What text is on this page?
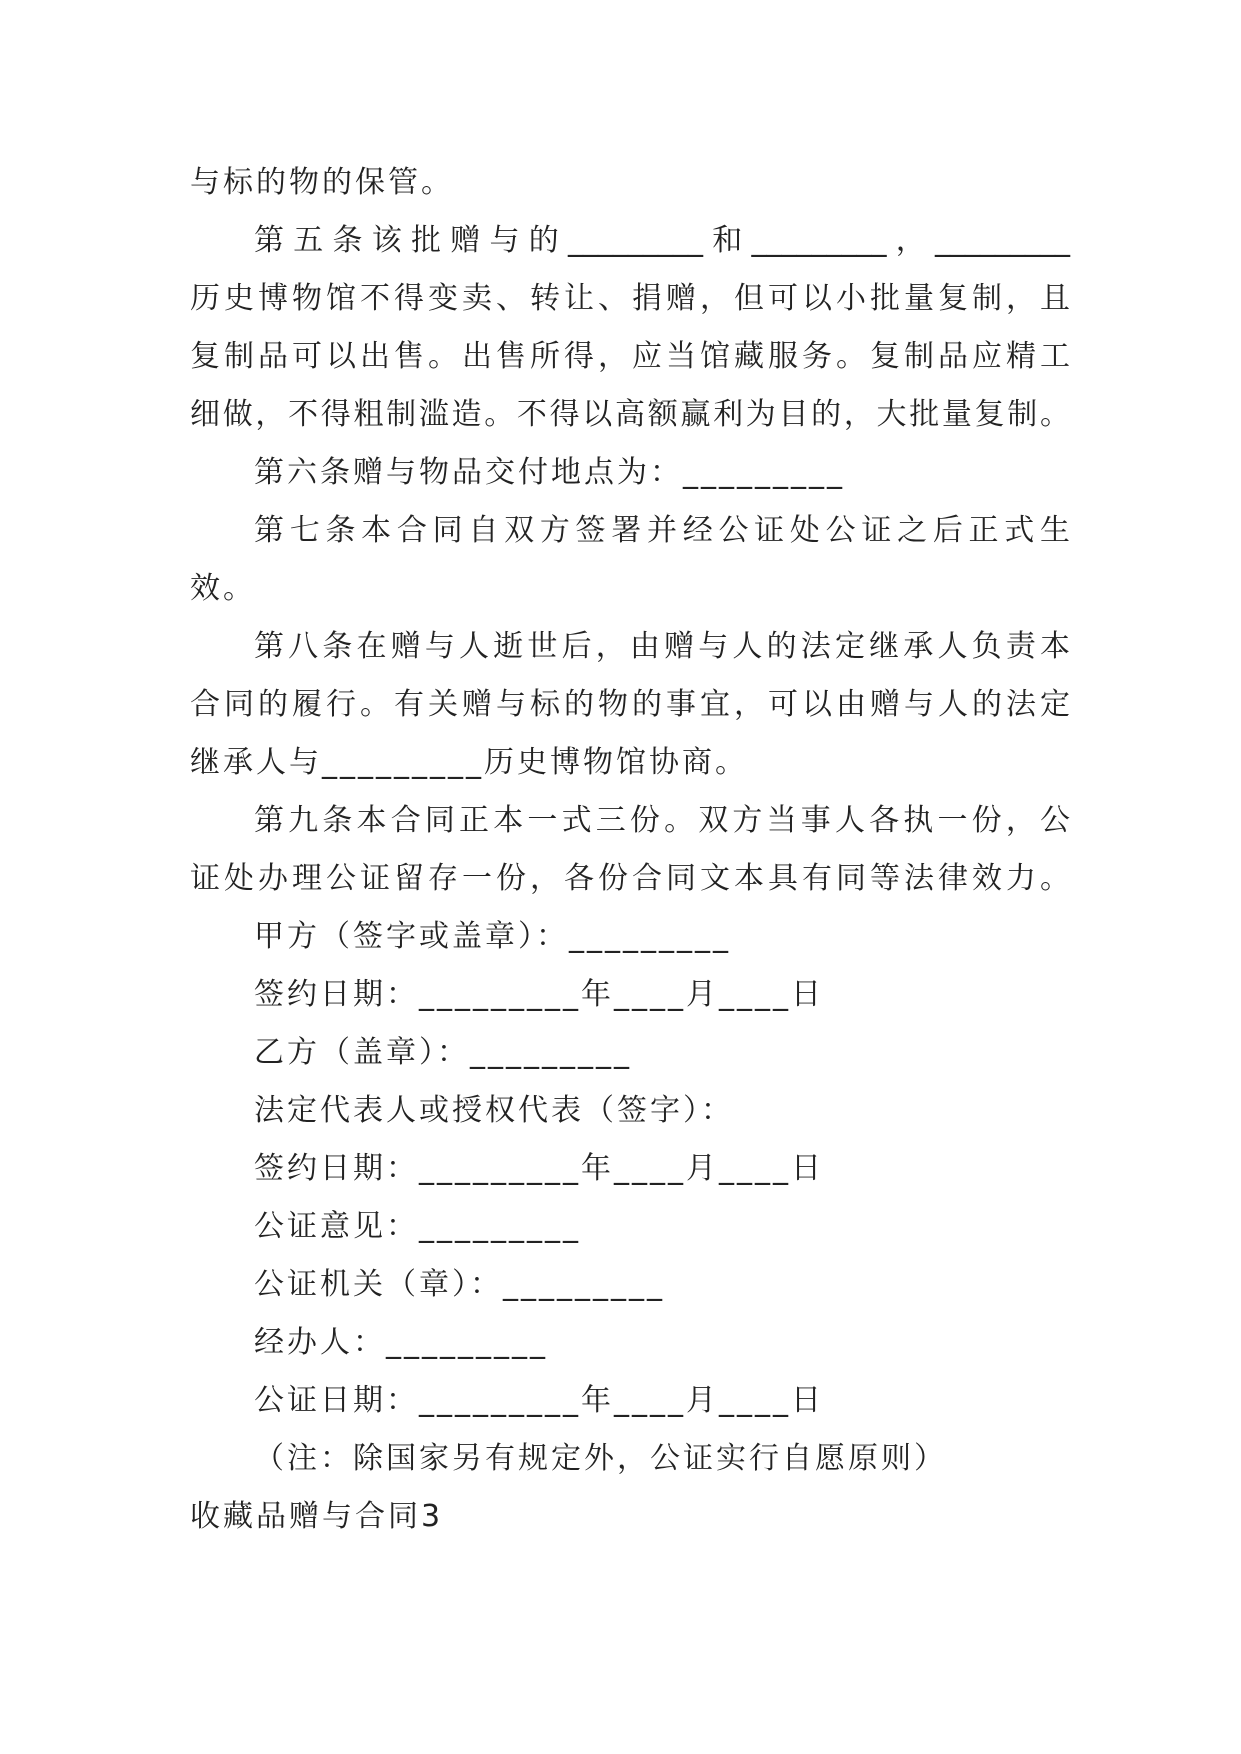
与标的物的保管。
第五条该批赠与的_________和_________，_________
历史博物馆不得变卖、转让、捐赠，但可以小批量复制，且
复制品可以出售。出售所得，应当馆藏服务。复制品应精工
细做，不得粗制滥造。不得以高额赢利为目的，大批量复制。
第六条赠与物品交付地点为：_________
第七条本合同自双方签署并经公证处公证之后正式生
效。
第八条在赠与人逝世后，由赠与人的法定继承人负责本
合同的履行。有关赠与标的物的事宜，可以由赠与人的法定
继承人与_________历史博物馆协商。
第九条本合同正本一式三份。双方当事人各执一份，公
证处办理公证留存一份，各份合同文本具有同等法律效力。
甲方（签字或盖章）：_________
签约日期：_________年____月____日
乙方（盖章）：_________
法定代表人或授权代表（签字）：
签约日期：_________年____月____日
公证意见：_________
公证机关（章）：_________
经办人：_________
公证日期：_________年____月____日
（注：除国家另有规定外，公证实行自愿原则）
收藏品赠与合同3
